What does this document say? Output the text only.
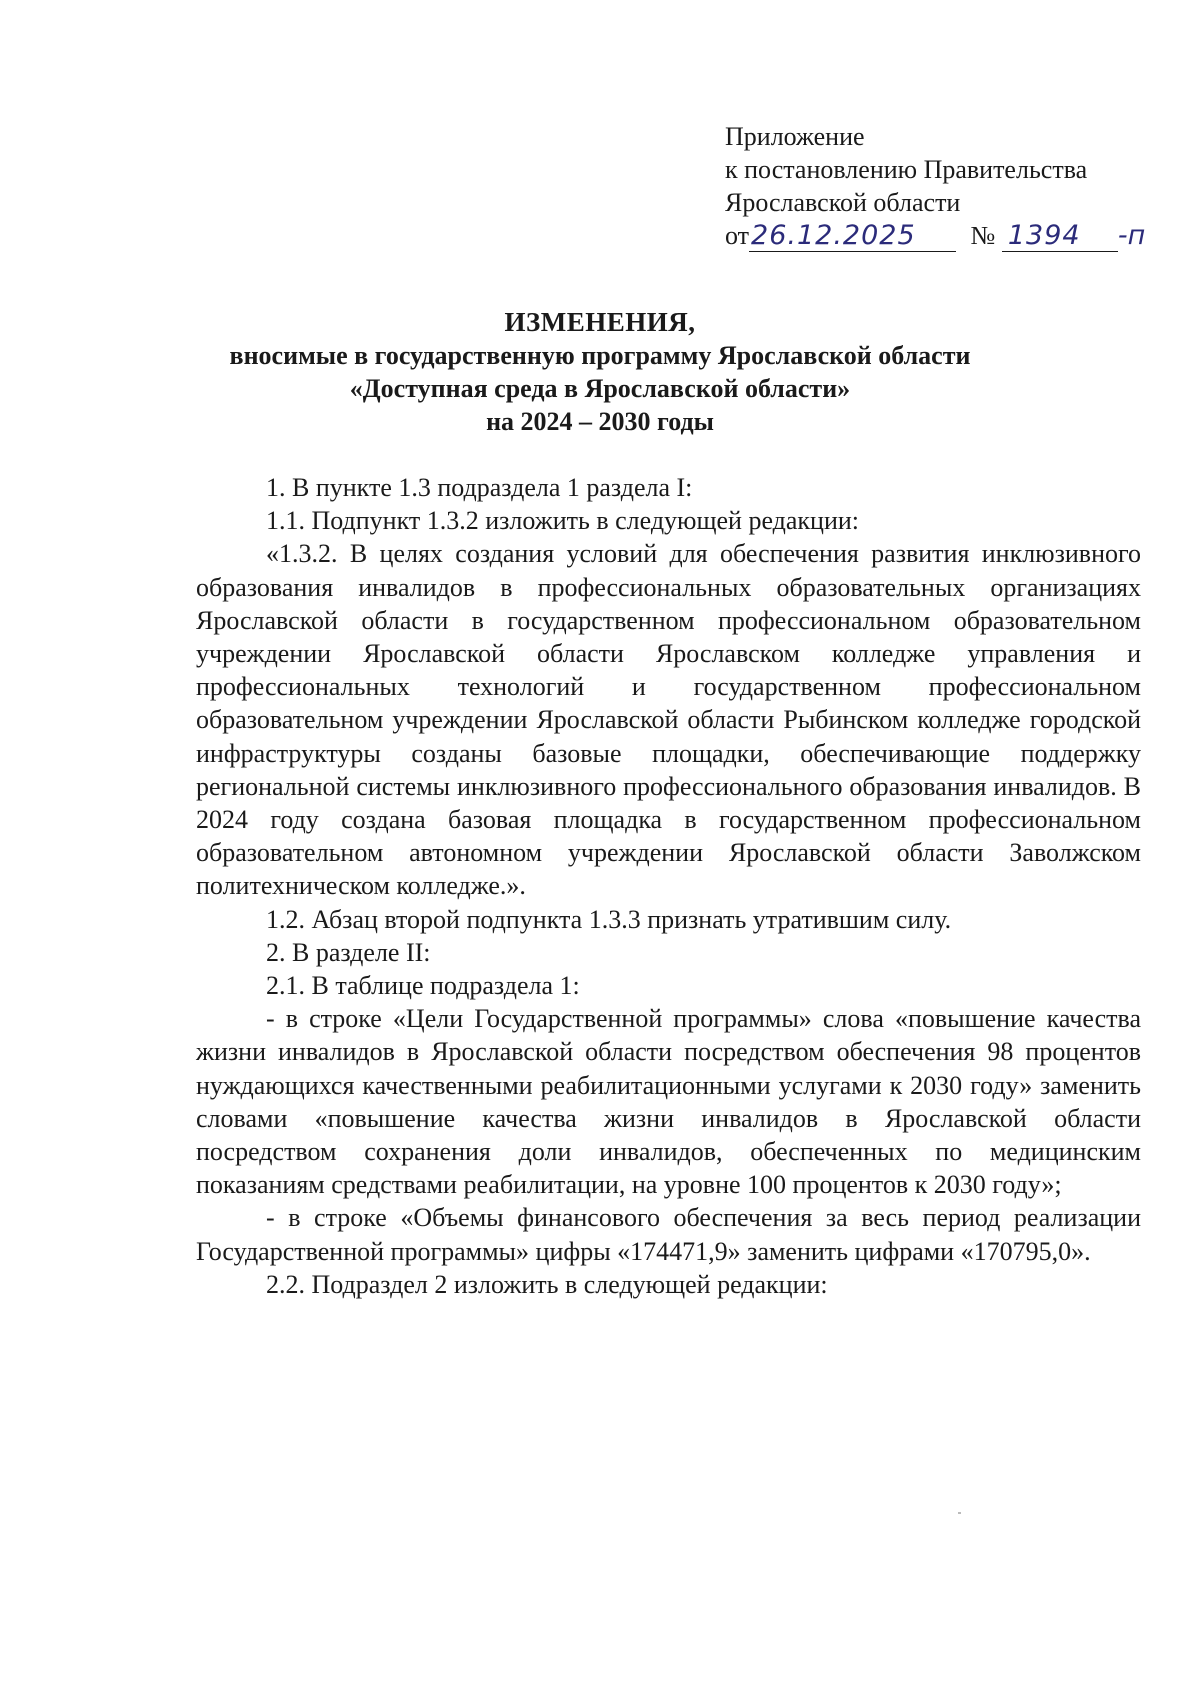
Приложение
к постановлению Правительства
Ярославской области
от26.12.2025 № 1394 -п
ИЗМЕНЕНИЯ,
вносимые в государственную программу Ярославской области
«Доступная среда в Ярославской области»
на 2024 – 2030 годы

1. В пункте 1.3 подраздела 1 раздела I:

1.1. Подпункт 1.3.2 изложить в следующей редакции:

«1.3.2. В целях создания условий для обеспечения развития инклюзивного образования инвалидов в профессиональных образовательных организациях Ярославской области в государственном профессиональном образовательном учреждении Ярославской области Ярославском колледже управления и профессиональных технологий и государственном профессиональном образовательном учреждении Ярославской области Рыбинском колледже городской инфраструктуры созданы базовые площадки, обеспечивающие поддержку региональной системы инклюзивного профессионального образования инвалидов. В 2024 году создана базовая площадка в государственном профессиональном образовательном автономном учреждении Ярославской области Заволжском политехническом колледже.».

1.2. Абзац второй подпункта 1.3.3 признать утратившим силу.

2. В разделе II:

2.1. В таблице подраздела 1:

- в строке «Цели Государственной программы» слова «повышение качества жизни инвалидов в Ярославской области посредством обеспечения 98 процентов нуждающихся качественными реабилитационными услугами к 2030 году» заменить словами «повышение качества жизни инвалидов в Ярославской области посредством сохранения доли инвалидов, обеспеченных по медицинским показаниям средствами реабилитации, на уровне 100 процентов к 2030 году»;

- в строке «Объемы финансового обеспечения за весь период реализации Государственной программы» цифры «174471,9» заменить цифрами «170795,0».

2.2. Подраздел 2 изложить в следующей редакции:
